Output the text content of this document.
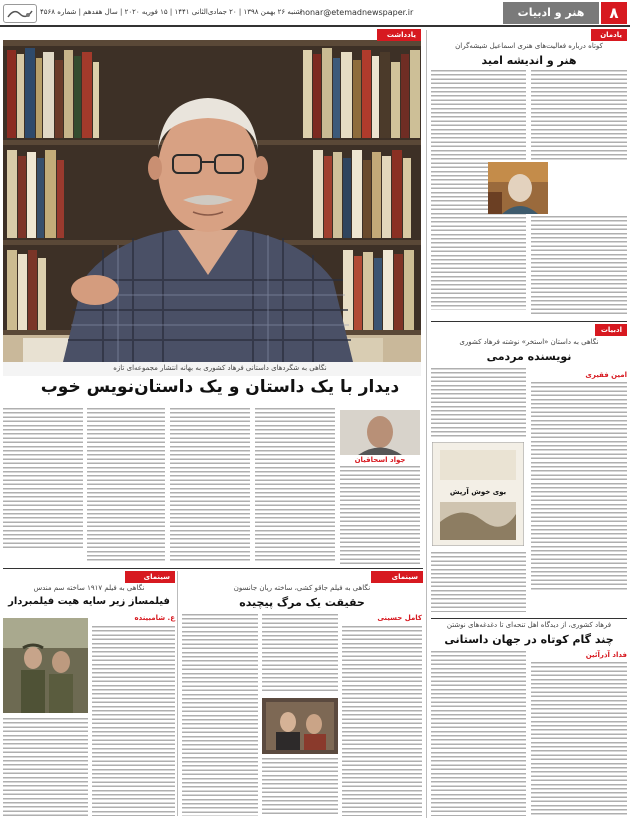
۸
هنر و ادبیات
honar@etemadnewspaper.ir
شنبه ۲۶ بهمن ۱۳۹۸ | ۲۰ جمادی‌الثانی ۱۴۴۱ | ۱۵ فوریه ۲۰۲۰ | سال هفدهم | شماره ۴۵۶۸
یادداشت
نگاهی به شگردهای داستانی فرهاد کشوری به بهانه انتشار مجموعه‌ای تازه
دیدار با یک داستان و یک داستان‌نویس خوب
جواد اسحاقیان
یادمان
کوتاه درباره فعالیت‌های هنری اسماعیل شیشه‌گران
هنر و اندیشه امید
ادبیات
نگاهی به داستان «استخر» نوشته فرهاد کشوری
نویسنده مردمی
امین فقیری
بوی خوش آرپش
فرهاد کشوری، از دیدگاه اهل تنحه‌ای تا دغدغه‌های نوشتن
چند گام کوتاه در جهان داستانی
فداد آذرآئین
سینمای جهان
نگاهی به فیلم جاقو کشی، ساخته ریان جانسون
حقیقت یک مرگ پیچیده
کامل حسینی
سینمای جهان
نگاهی به فیلم ۱۹۱۷ ساخته سم مندس
فیلمساز زیر سایه هیت فیلمبردار
ع. شامبینده
